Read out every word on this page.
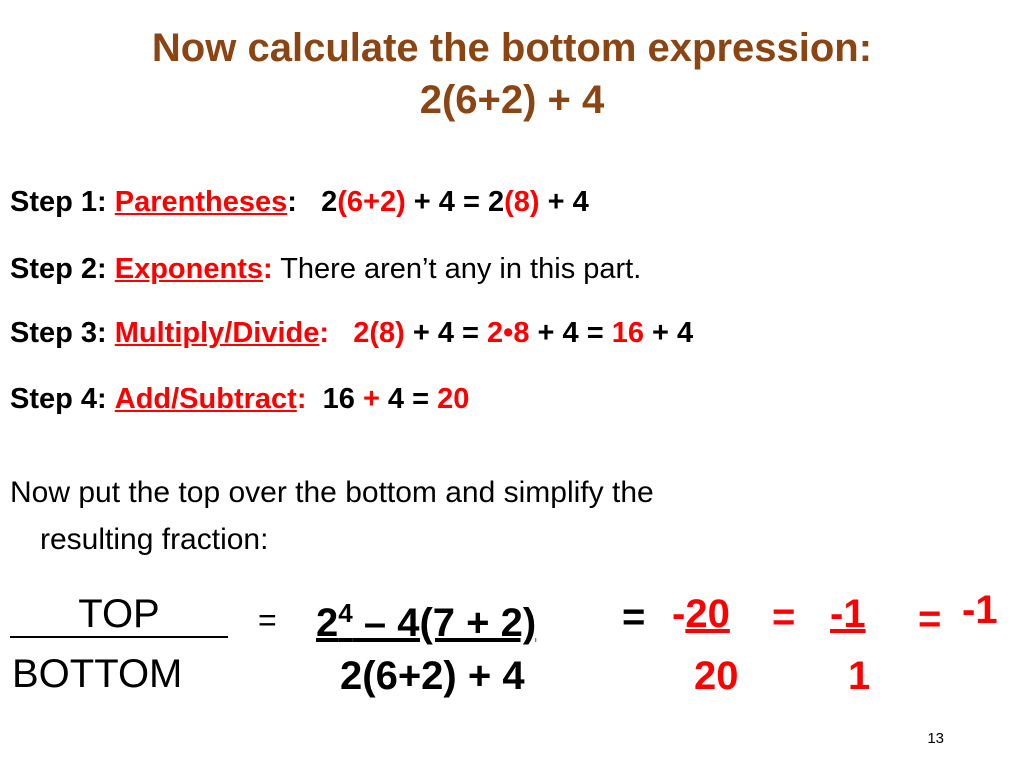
Now calculate the bottom expression:
2(6+2) + 4
Step 1: Parentheses: 2(6+2) + 4 = 2(8) + 4
Step 2: Exponents: There aren’t any in this part.
Step 3: Multiply/Divide: 2(8) + 4 = 2•8 + 4 = 16 + 4
Step 4: Add/Subtract: 16 + 4 = 20
Now put the top over the bottom and simplify the
resulting fraction:
TOP
BOTTOM
= $2^4 - 4(7 + 2)$
2(6+2) + 4
= -20
20
= -1
1
= -1
13
